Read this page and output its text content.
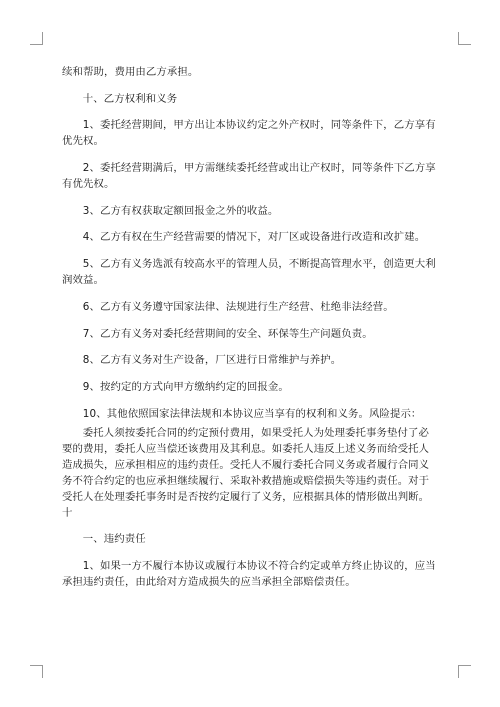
续和帮助，费用由乙方承担。

十、乙方权利和义务

1、委托经营期间，甲方出让本协议约定之外产权时，同等条件下，乙方享有优先权。

2、委托经营期满后，甲方需继续委托经营或出让产权时，同等条件下乙方享有优先权。

3、乙方有权获取定额回报金之外的收益。

4、乙方有权在生产经营需要的情况下，对厂区或设备进行改造和改扩建。

5、乙方有义务选派有较高水平的管理人员，不断提高管理水平，创造更大利润效益。

6、乙方有义务遵守国家法律、法规进行生产经营、杜绝非法经营。

7、乙方有义务对委托经营期间的安全、环保等生产问题负责。

8、乙方有义务对生产设备，厂区进行日常维护与养护。

9、按约定的方式向甲方缴纳约定的回报金。

10、其他依照国家法律法规和本协议应当享有的权利和义务。风险提示：

委托人须按委托合同的约定预付费用，如果受托人为处理委托事务垫付了必要的费用，委托人应当偿还该费用及其利息。如委托人违反上述义务而给受托人造成损失，应承担相应的违约责任。受托人不履行委托合同义务或者履行合同义务不符合约定的也应承担继续履行、采取补救措施或赔偿损失等违约责任。对于受托人在处理委托事务时是否按约定履行了义务，应根据具体的情形做出判断。十

一、违约责任

1、如果一方不履行本协议或履行本协议不符合约定或单方终止协议的，应当承担违约责任，由此给对方造成损失的应当承担全部赔偿责任。
